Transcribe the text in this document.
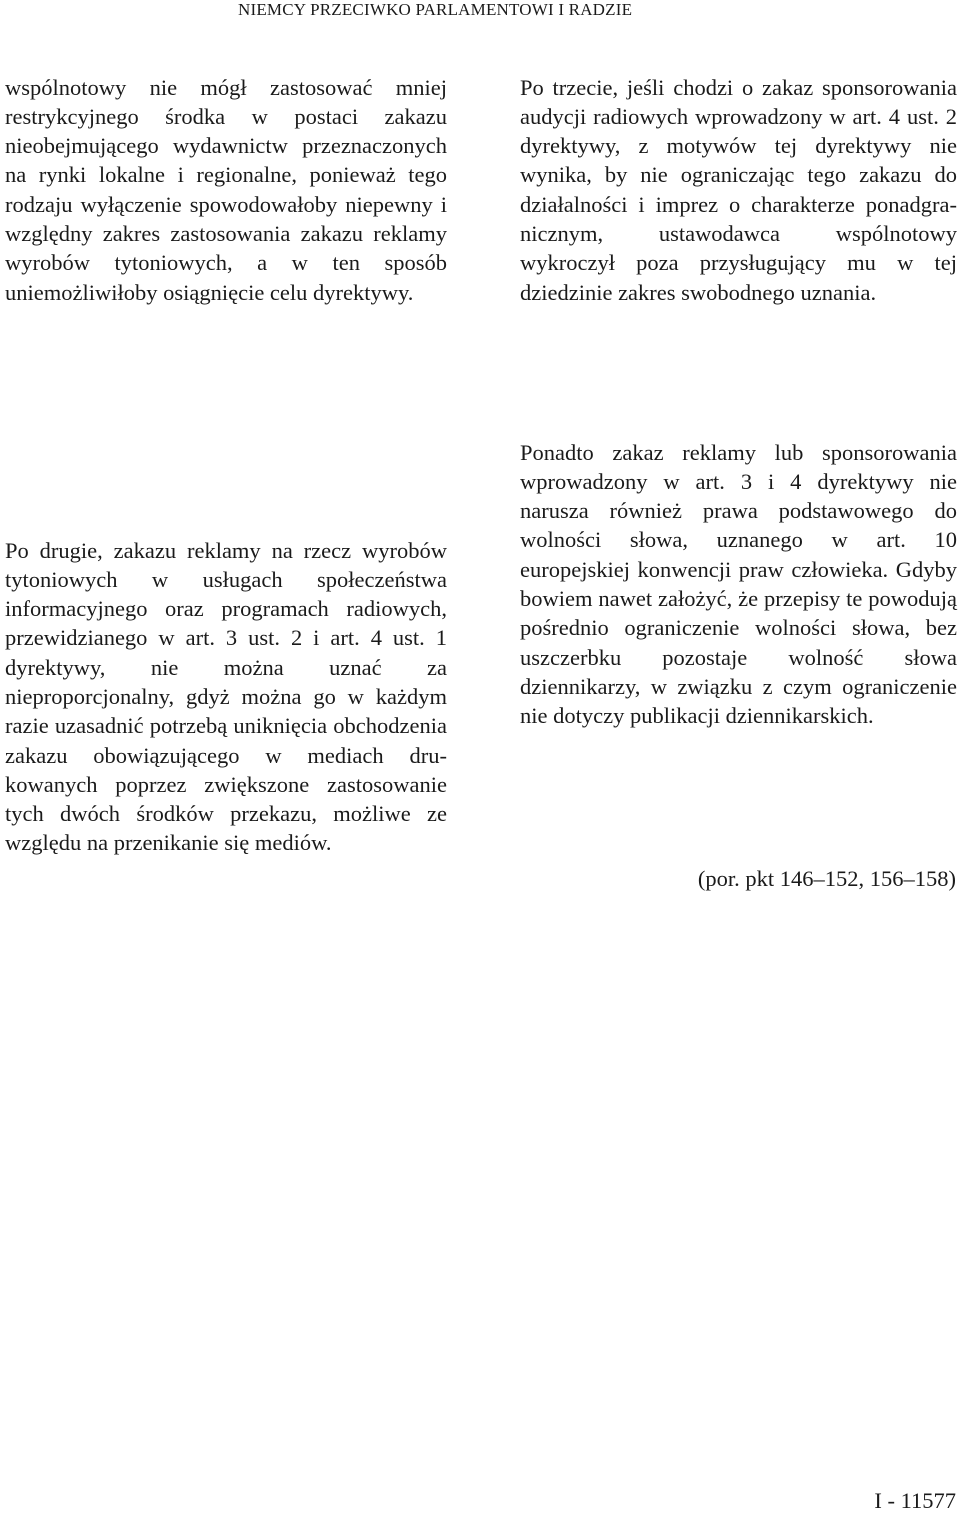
NIEMCY PRZECIWKO PARLAMENTOWI I RADZIE

wspólnotowy nie mógł zastosować mniej restrykcyjnego środka w postaci zakazu nieobejmującego wydawnictw przeznaczonych na rynki lokalne i regionalne, ponieważ tego rodzaju wyłączenie spowodowałoby niepewny i względny zakres zastosowania zakazu reklamy wyrobów tytoniowych, a w ten sposób uniemożliwiłoby osiągnięcie celu dyrektywy.

Po trzecie, jeśli chodzi o zakaz sponsorowania audycji radiowych wprowadzony w art. 4 ust. 2 dyrektywy, z motywów tej dyrektywy nie wynika, by nie ograniczając tego zakazu do działalności i imprez o charakterze ponadgranicznym, ustawodawca wspólnotowy wykroczył poza przysługujący mu w tej dziedzinie zakres swobodnego uznania.

Ponadto zakaz reklamy lub sponsorowania wprowadzony w art. 3 i 4 dyrektywy nie narusza również prawa podstawowego do wolności słowa, uznanego w art. 10 europejskiej konwencji praw człowieka. Gdyby bowiem nawet założyć, że przepisy te powodują pośrednio ograniczenie wolności słowa, bez uszczerbku pozostaje wolność słowa dziennikarzy, w związku z czym ograniczenie nie dotyczy publikacji dziennikarskich.

Po drugie, zakazu reklamy na rzecz wyrobów tytoniowych w usługach społeczeństwa informacyjnego oraz programach radiowych, przewidzianego w art. 3 ust. 2 i art. 4 ust. 1 dyrektywy, nie można uznać za nieproporcjonalny, gdyż można go w każdym razie uzasadnić potrzebą uniknięcia obchodzenia zakazu obowiązującego w mediach drukowanych poprzez zwiększone zastosowanie tych dwóch środków przekazu, możliwe ze względu na przenikanie się mediów.

(por. pkt 146–152, 156–158)
I - 11577
